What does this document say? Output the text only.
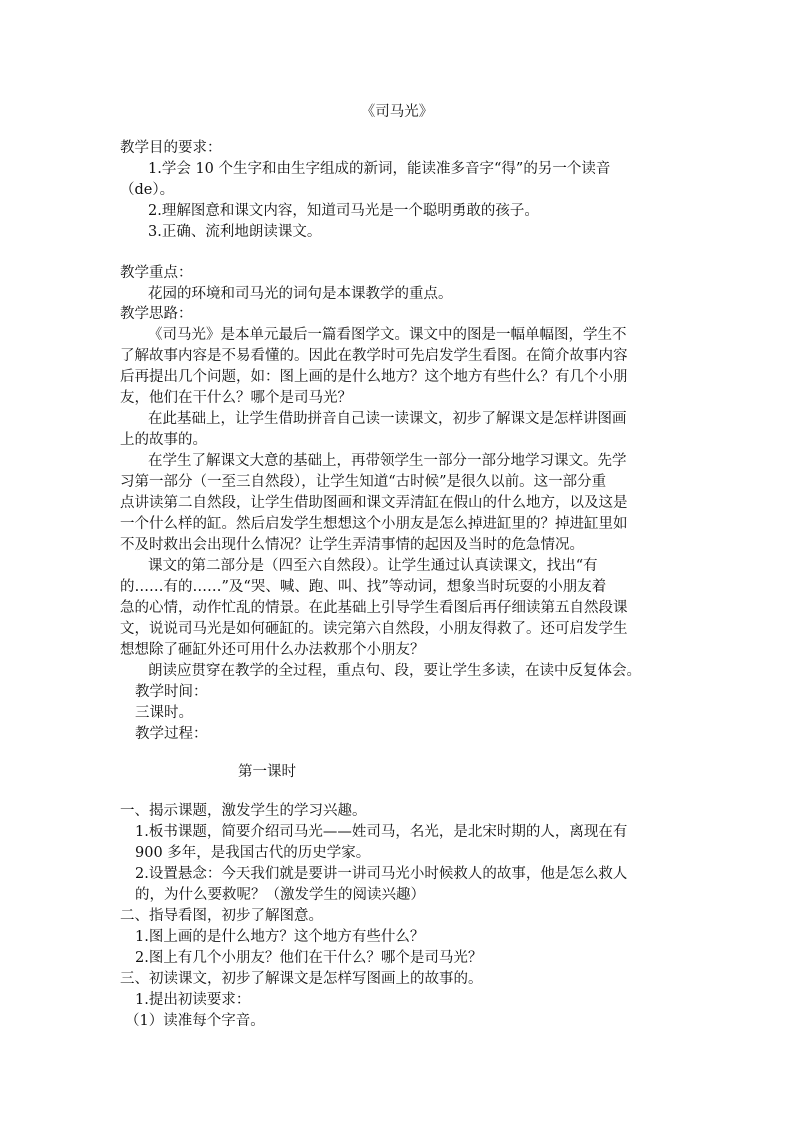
《司马光》
教学目的要求：
1.学会 10 个生字和由生字组成的新词，能读准多音字“得”的另一个读音
（de）。
2.理解图意和课文内容，知道司马光是一个聪明勇敢的孩子。
3.正确、流利地朗读课文。
教学重点：
花园的环境和司马光的词句是本课教学的重点。
教学思路：
《司马光》是本单元最后一篇看图学文。课文中的图是一幅单幅图，学生不
了解故事内容是不易看懂的。因此在教学时可先启发学生看图。在简介故事内容
后再提出几个问题，如：图上画的是什么地方？这个地方有些什么？有几个小朋
友，他们在干什么？哪个是司马光？
在此基础上，让学生借助拼音自己读一读课文，初步了解课文是怎样讲图画
上的故事的。
在学生了解课文大意的基础上，再带领学生一部分一部分地学习课文。先学
习第一部分（一至三自然段），让学生知道“古时候”是很久以前。这一部分重
点讲读第二自然段，让学生借助图画和课文弄清缸在假山的什么地方，以及这是
一个什么样的缸。然后启发学生想想这个小朋友是怎么掉进缸里的？掉进缸里如
不及时救出会出现什么情况？让学生弄清事情的起因及当时的危急情况。
课文的第二部分是（四至六自然段）。让学生通过认真读课文，找出“有
的……有的……”及“哭、喊、跑、叫、找”等动词，想象当时玩耍的小朋友着
急的心情，动作忙乱的情景。在此基础上引导学生看图后再仔细读第五自然段课
文，说说司马光是如何砸缸的。读完第六自然段，小朋友得救了。还可启发学生
想想除了砸缸外还可用什么办法救那个小朋友？
朗读应贯穿在教学的全过程，重点句、段，要让学生多读，在读中反复体会。
教学时间：
三课时。
教学过程：
第一课时
一、揭示课题，激发学生的学习兴趣。
1.板书课题，简要介绍司马光——姓司马，名光，是北宋时期的人，离现在有
900 多年，是我国古代的历史学家。
2.设置悬念：今天我们就是要讲一讲司马光小时候救人的故事，他是怎么救人
的，为什么要救呢？（激发学生的阅读兴趣）
二、指导看图，初步了解图意。
1.图上画的是什么地方？这个地方有些什么？
2.图上有几个小朋友？他们在干什么？哪个是司马光？
三、初读课文，初步了解课文是怎样写图画上的故事的。
1.提出初读要求：
（1）读准每个字音。
